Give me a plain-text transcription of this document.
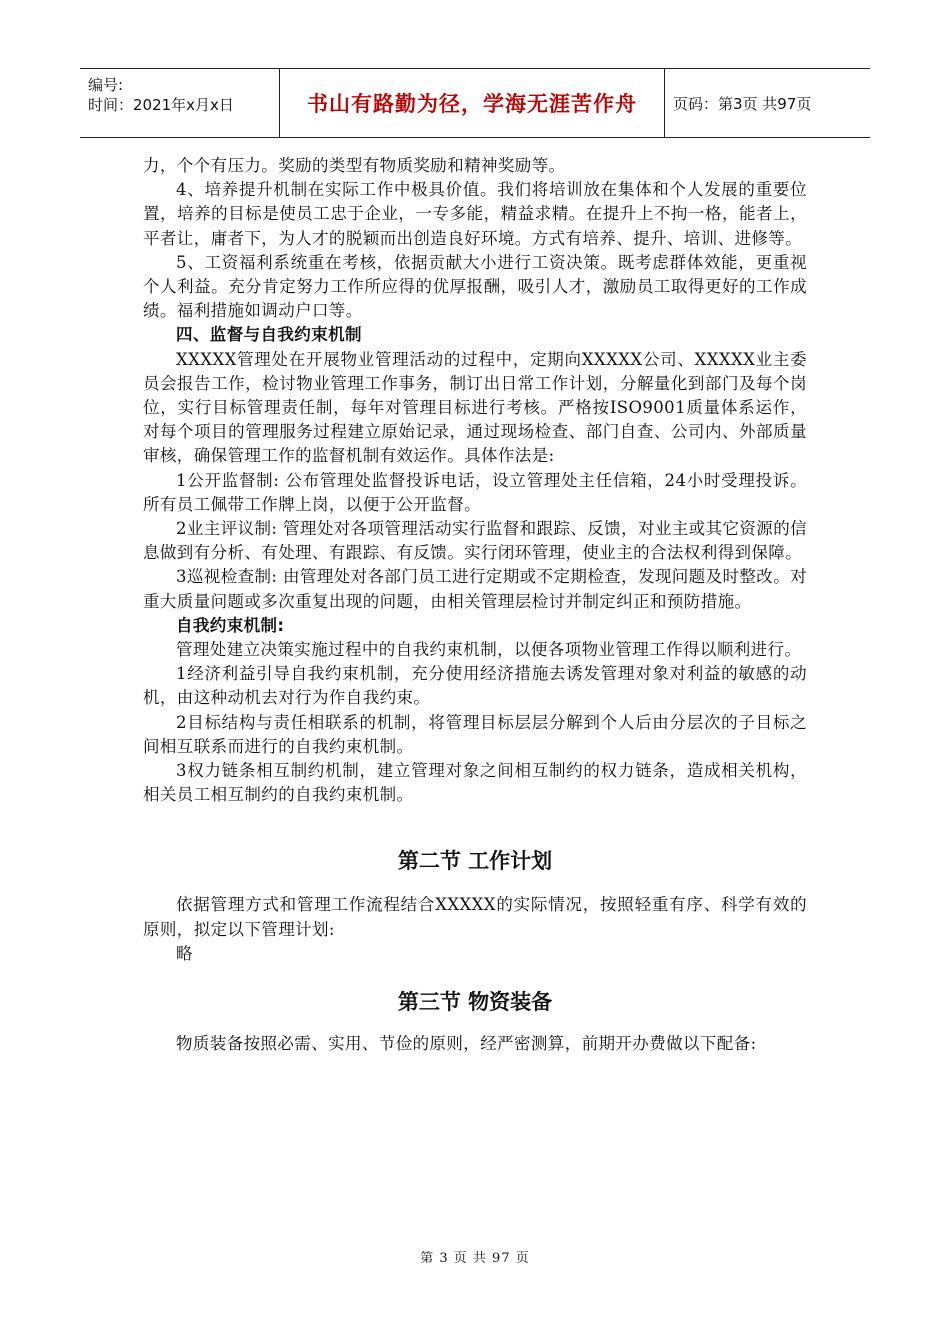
编号:
时间：2021年x月x日	书山有路勤为径，学海无涯苦作舟	页码：第3页 共97页

力，个个有压力。奖励的类型有物质奖励和精神奖励等。

4、培养提升机制在实际工作中极具价值。我们将培训放在集体和个人发展的重要位置，培养的目标是使员工忠于企业，一专多能，精益求精。在提升上不拘一格，能者上，平者让，庸者下，为人才的脱颖而出创造良好环境。方式有培养、提升、培训、进修等。

5、工资福利系统重在考核，依据贡献大小进行工资决策。既考虑群体效能，更重视个人利益。充分肯定努力工作所应得的优厚报酬，吸引人才，激励员工取得更好的工作成绩。福利措施如调动户口等。

四、监督与自我约束机制

XXXXX管理处在开展物业管理活动的过程中，定期向XXXXX公司、XXXXX业主委员会报告工作，检讨物业管理工作事务，制订出日常工作计划，分解量化到部门及每个岗位，实行目标管理责任制，每年对管理目标进行考核。严格按ISO9001质量体系运作，对每个项目的管理服务过程建立原始记录，通过现场检查、部门自查、公司内、外部质量审核，确保管理工作的监督机制有效运作。具体作法是:

1公开监督制: 公布管理处监督投诉电话，设立管理处主任信箱，24小时受理投诉。所有员工佩带工作牌上岗，以便于公开监督。

2业主评议制: 管理处对各项管理活动实行监督和跟踪、反馈，对业主或其它资源的信息做到有分析、有处理、有跟踪、有反馈。实行闭环管理，使业主的合法权利得到保障。

3巡视检查制: 由管理处对各部门员工进行定期或不定期检查，发现问题及时整改。对重大质量问题或多次重复出现的问题，由相关管理层检讨并制定纠正和预防措施。

自我约束机制:

管理处建立决策实施过程中的自我约束机制，以便各项物业管理工作得以顺利进行。

1经济利益引导自我约束机制，充分使用经济措施去诱发管理对象对利益的敏感的动机，由这种动机去对行为作自我约束。

2目标结构与责任相联系的机制，将管理目标层层分解到个人后由分层次的子目标之间相互联系而进行的自我约束机制。

3权力链条相互制约机制，建立管理对象之间相互制约的权力链条，造成相关机构，相关员工相互制约的自我约束机制。

第二节 工作计划

依据管理方式和管理工作流程结合XXXXX的实际情况，按照轻重有序、科学有效的原则，拟定以下管理计划:

略

第三节 物资装备

物质装备按照必需、实用、节俭的原则，经严密测算，前期开办费做以下配备:

第 3 页 共 97 页
